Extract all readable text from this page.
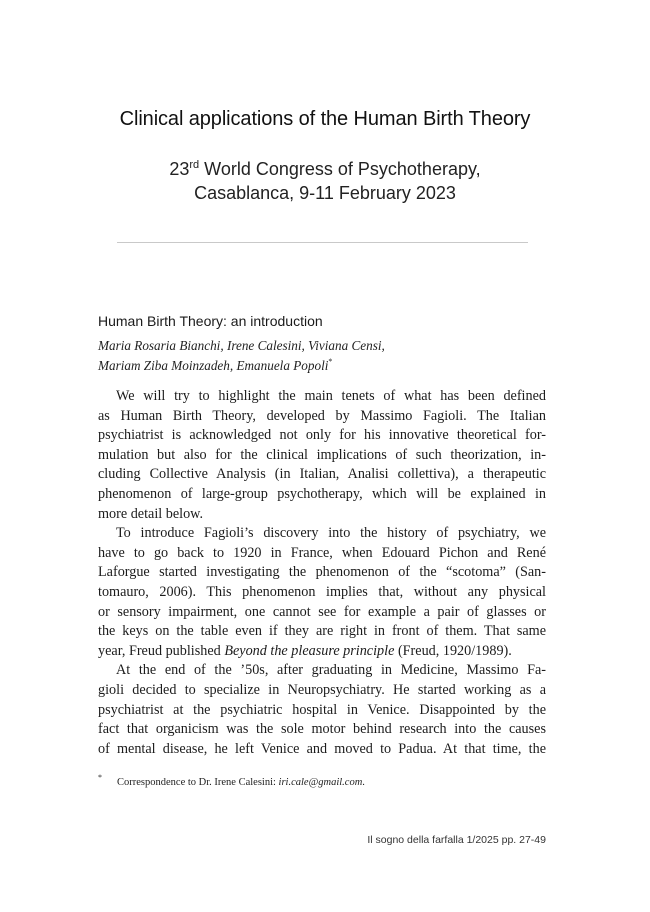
Clinical applications of the Human Birth Theory
23rd World Congress of Psychotherapy,
Casablanca, 9-11 February 2023
Human Birth Theory: an introduction
Maria Rosaria Bianchi, Irene Calesini, Viviana Censi,
Mariam Ziba Moinzadeh, Emanuela Popoli*
We will try to highlight the main tenets of what has been defined
as Human Birth Theory, developed by Massimo Fagioli. The Italian
psychiatrist is acknowledged not only for his innovative theoretical for-
mulation but also for the clinical implications of such theorization, in-
cluding Collective Analysis (in Italian, Analisi collettiva), a therapeutic
phenomenon of large-group psychotherapy, which will be explained in
more detail below.
To introduce Fagioli’s discovery into the history of psychiatry, we
have to go back to 1920 in France, when Edouard Pichon and René
Laforgue started investigating the phenomenon of the “scotoma” (San-
tomauro, 2006). This phenomenon implies that, without any physical
or sensory impairment, one cannot see for example a pair of glasses or
the keys on the table even if they are right in front of them. That same
year, Freud published Beyond the pleasure principle (Freud, 1920/1989).
At the end of the ’50s, after graduating in Medicine, Massimo Fa-
gioli decided to specialize in Neuropsychiatry. He started working as a
psychiatrist at the psychiatric hospital in Venice. Disappointed by the
fact that organicism was the sole motor behind research into the causes
of mental disease, he left Venice and moved to Padua. At that time, the
* Correspondence to Dr. Irene Calesini: iri.cale@gmail.com.
Il sogno della farfalla 1/2025 pp. 27-49
